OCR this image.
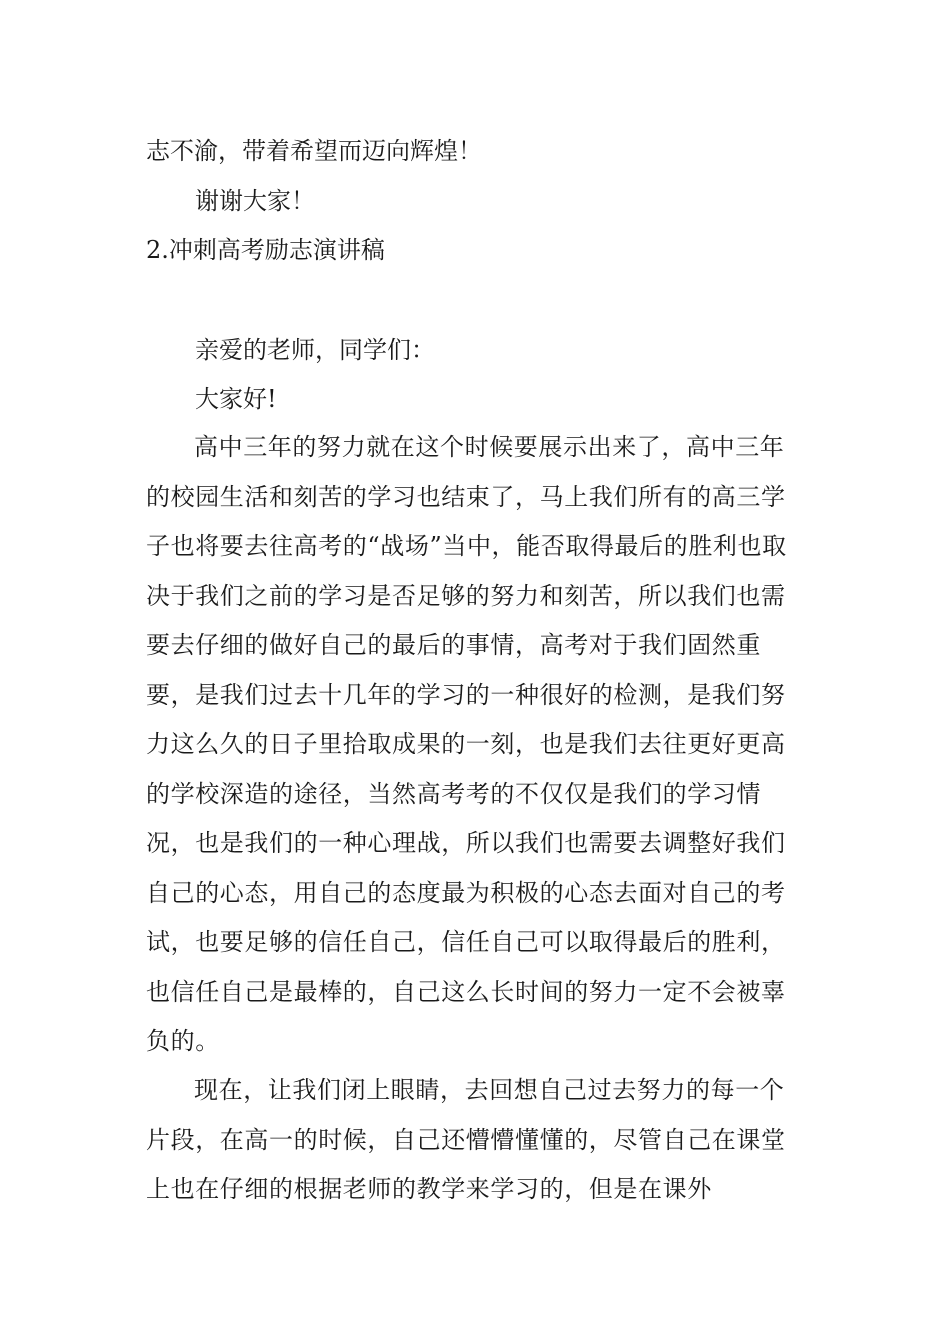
志不渝，带着希望而迈向辉煌！

谢谢大家！

2.冲刺高考励志演讲稿

亲爱的老师，同学们：

大家好!

高中三年的努力就在这个时候要展示出来了，高中三年的校园生活和刻苦的学习也结束了，马上我们所有的高三学子也将要去往高考的“战场”当中，能否取得最后的胜利也取决于我们之前的学习是否足够的努力和刻苦，所以我们也需要去仔细的做好自己的最后的事情，高考对于我们固然重要，是我们过去十几年的学习的一种很好的检测，是我们努力这么久的日子里拾取成果的一刻，也是我们去往更好更高的学校深造的途径，当然高考考的不仅仅是我们的学习情况，也是我们的一种心理战，所以我们也需要去调整好我们自己的心态，用自己的态度最为积极的心态去面对自己的考试，也要足够的信任自己，信任自己可以取得最后的胜利，也信任自己是最棒的，自己这么长时间的努力一定不会被辜负的。

现在，让我们闭上眼睛，去回想自己过去努力的每一个片段，在高一的时候，自己还懵懵懂懂的，尽管自己在课堂上也在仔细的根据老师的教学来学习的，但是在课外
